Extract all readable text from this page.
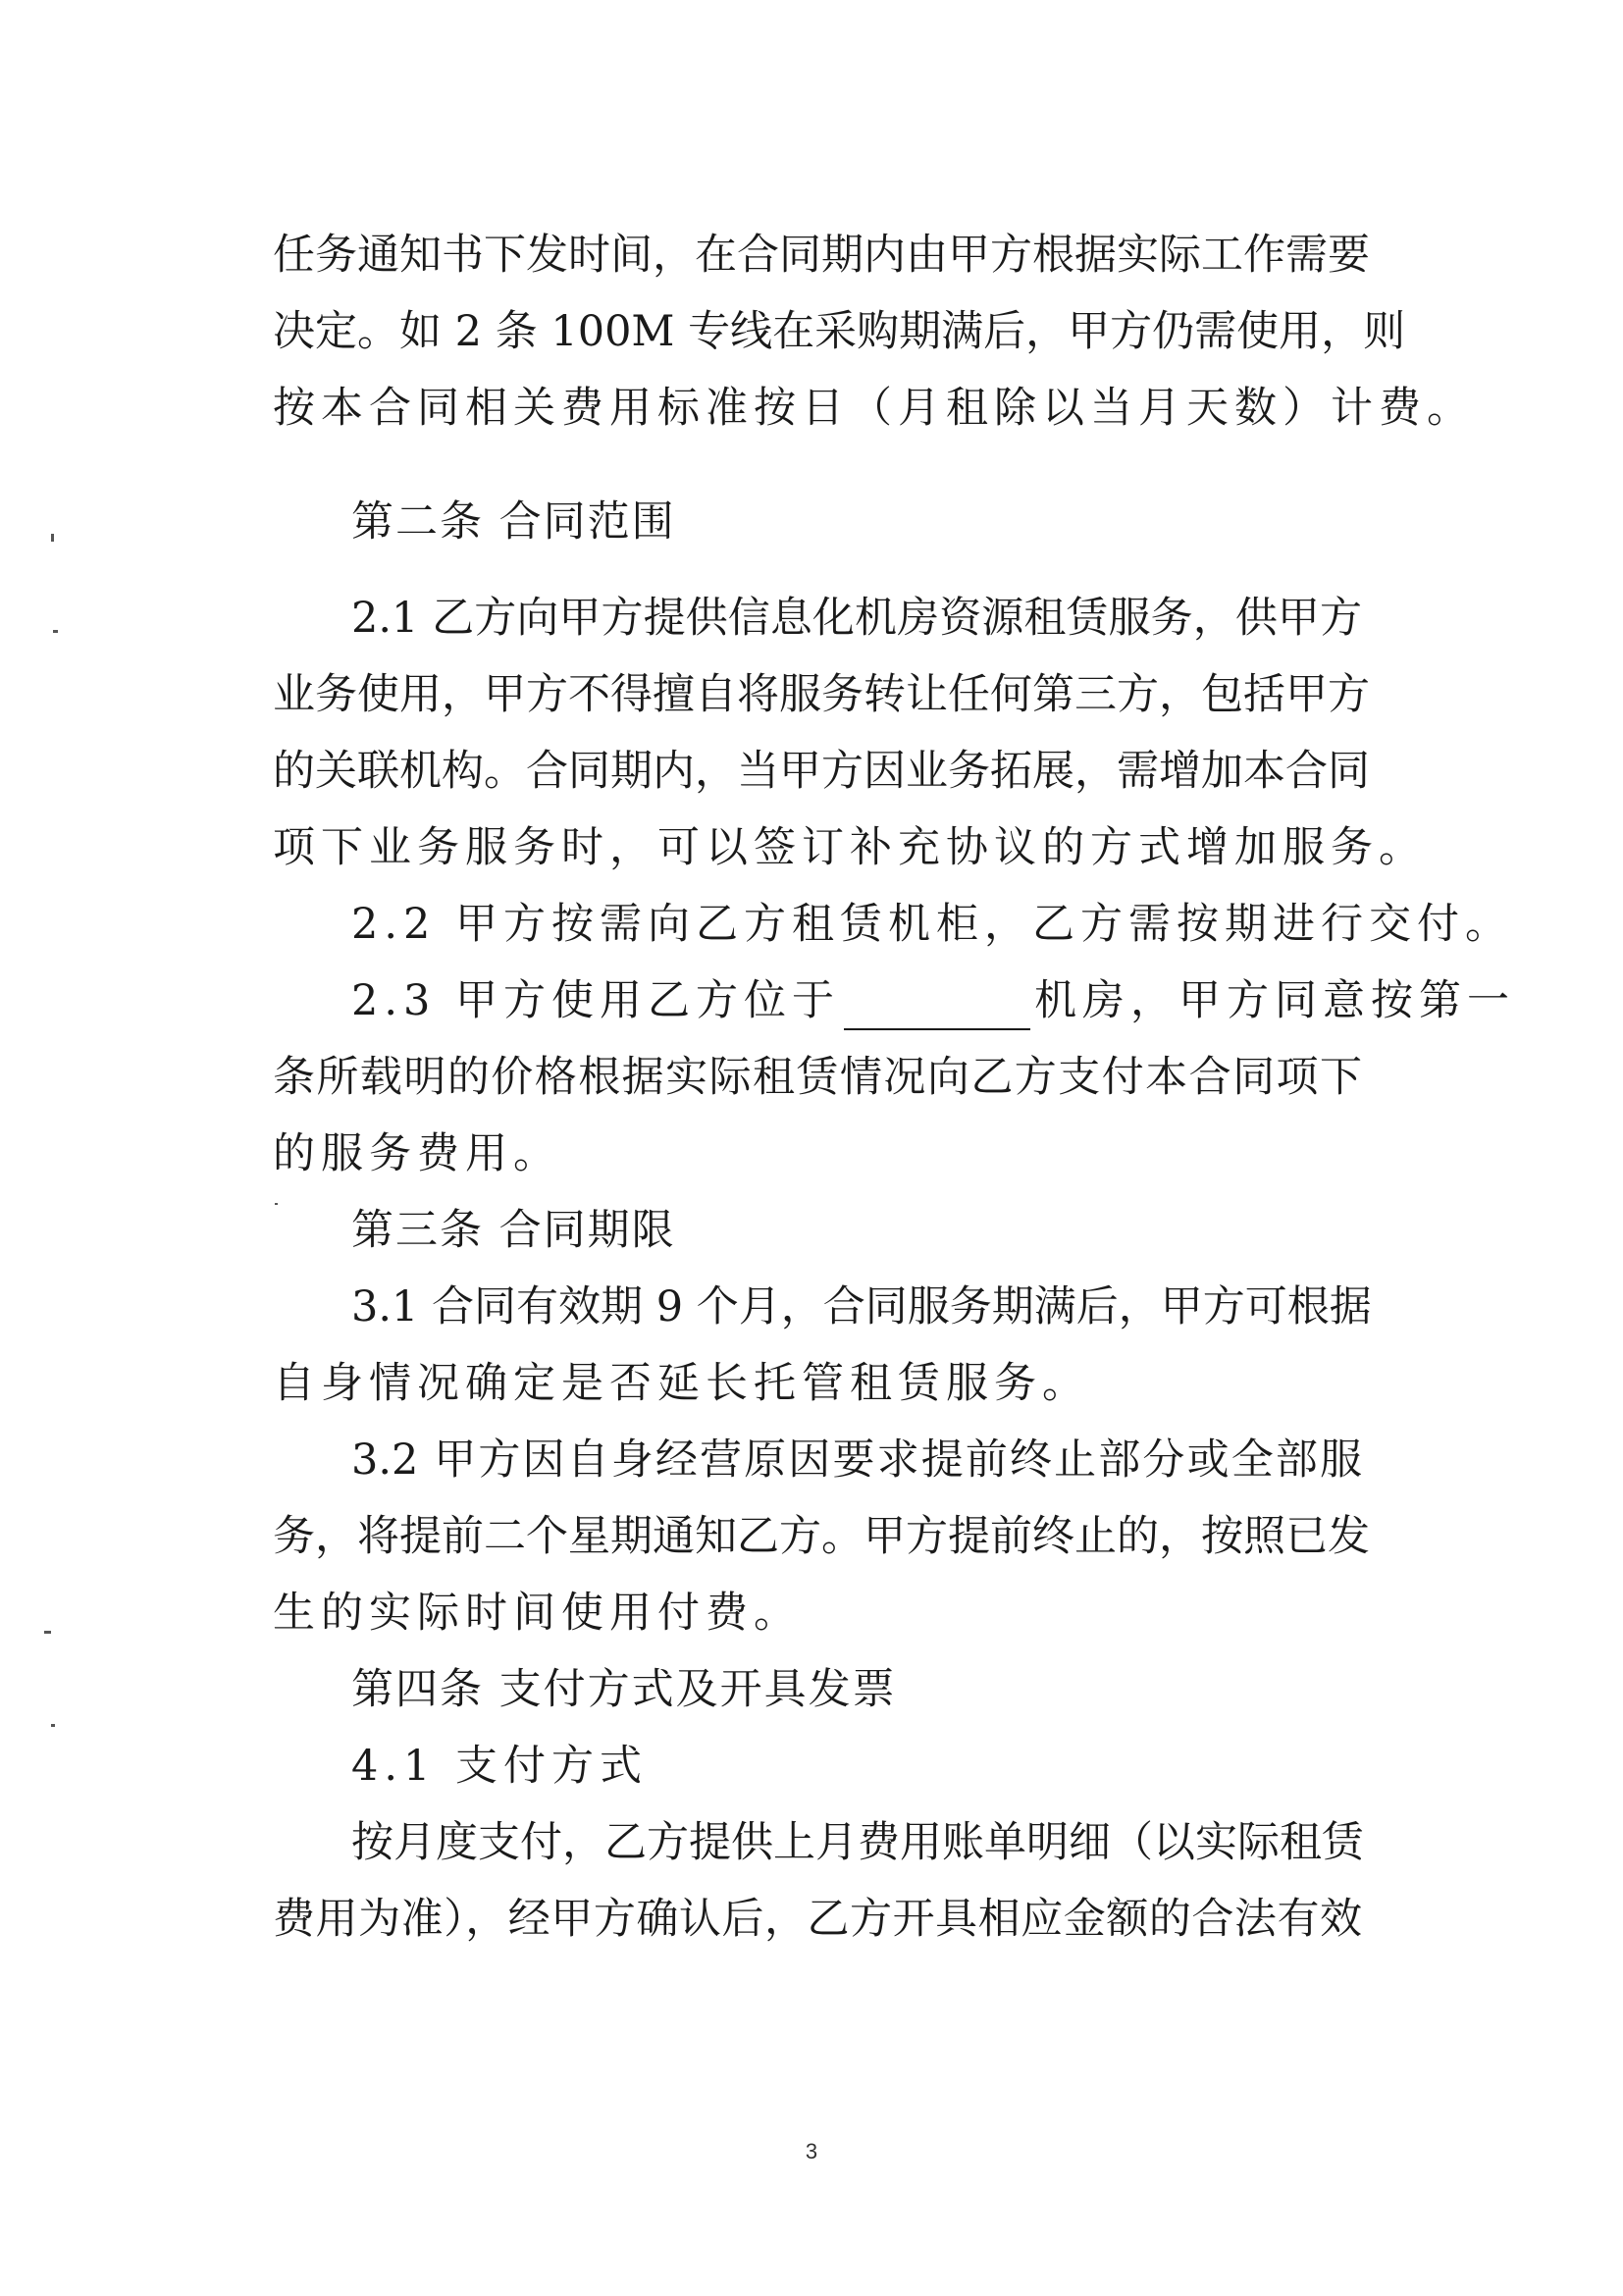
任务通知书下发时间，在合同期内由甲方根据实际工作需要
决定。如 2 条 100M 专线在采购期满后，甲方仍需使用，则
按本合同相关费用标准按日（月租除以当月天数）计费。
第二条 合同范围
2.1 乙方向甲方提供信息化机房资源租赁服务，供甲方
业务使用，甲方不得擅自将服务转让任何第三方，包括甲方
的关联机构。合同期内，当甲方因业务拓展，需增加本合同
项下业务服务时，可以签订补充协议的方式增加服务。
2.2 甲方按需向乙方租赁机柜，乙方需按期进行交付。
2.3 甲方使用乙方位于	机房，甲方同意按第一
条所载明的价格根据实际租赁情况向乙方支付本合同项下
的服务费用。
第三条 合同期限
3.1 合同有效期 9 个月，合同服务期满后，甲方可根据
自身情况确定是否延长托管租赁服务。
3.2 甲方因自身经营原因要求提前终止部分或全部服
务，将提前二个星期通知乙方。甲方提前终止的，按照已发
生的实际时间使用付费。
第四条 支付方式及开具发票
4.1 支付方式
按月度支付，乙方提供上月费用账单明细（以实际租赁
费用为准），经甲方确认后，乙方开具相应金额的合法有效
3
